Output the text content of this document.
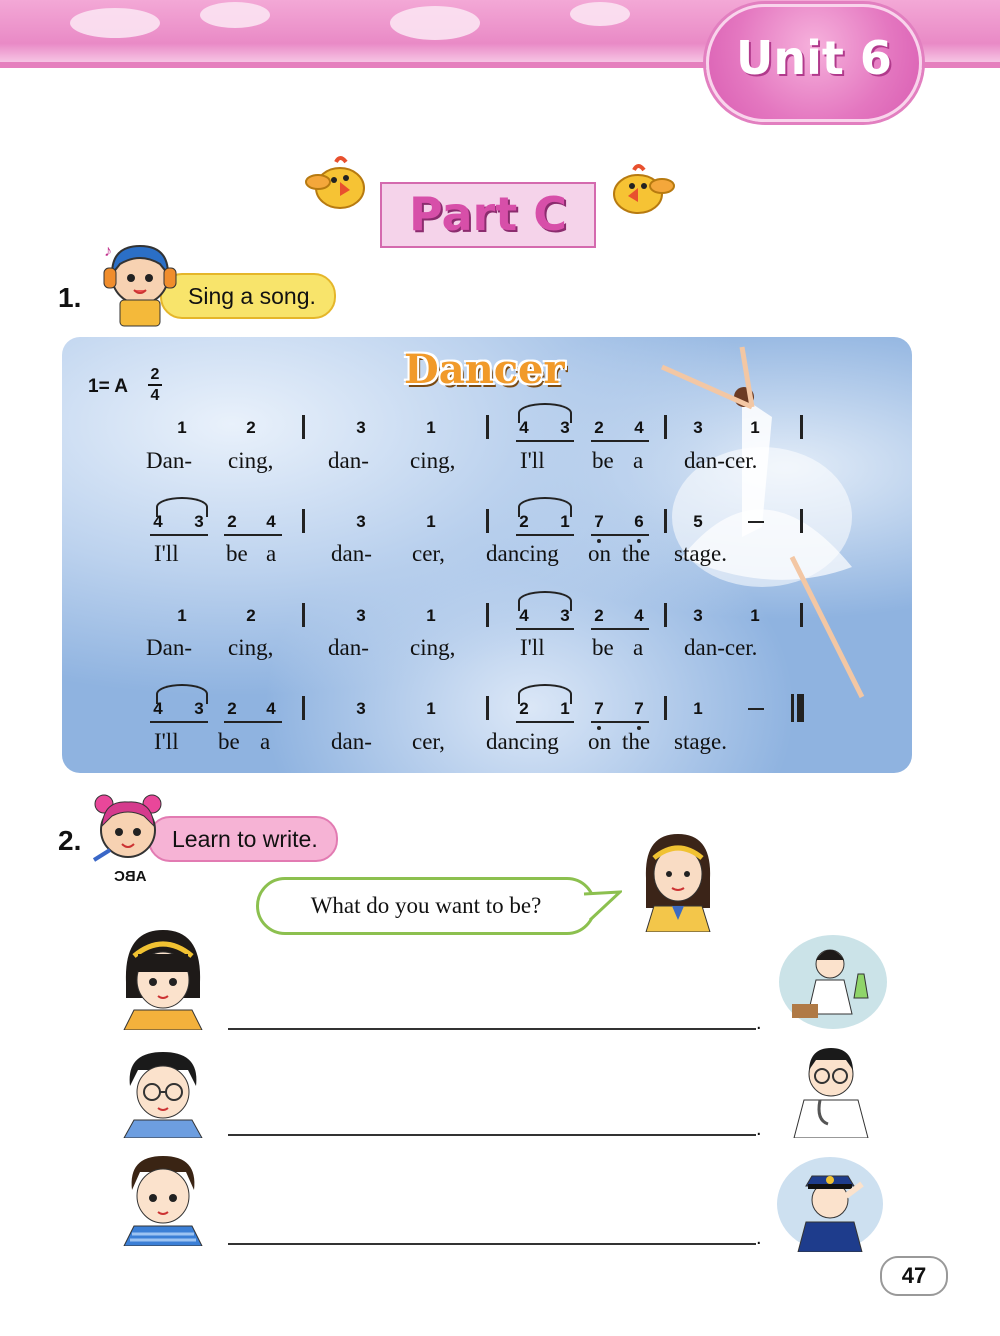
Unit 6
Part C
1.	Sing a song.
♪
Dancer
1= A
2
4
1	2	3	1	4	3	2	4	3	1
Dan- cing, dan- cing,	I'll be a dan-cer.
4	3	2	4	3	1	2	1	7	6	5
I'll be a dan- cer, dancing on the stage.
1	2	3	1	4	3	2	4	3	1
Dan- cing, dan- cing,	I'll be a dan-cer.
4	3	2	4	3	1	2	1	7	7	1
I'll be a	dan- cer, dancing on the stage.
2.	Learn to write.
ABC
What do you want to be?
.
.
.
47
